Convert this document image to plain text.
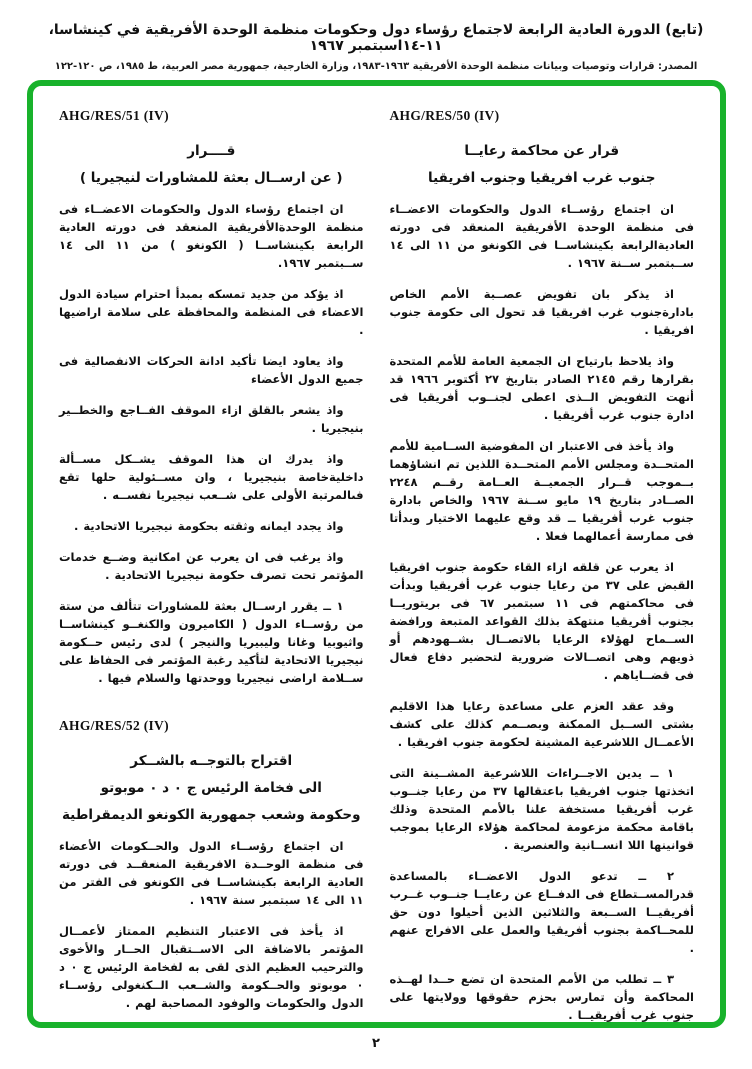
(تابع) الدورة العادية الرابعة لاجتماع رؤساء دول وحكومات منظمة الوحدة الأفريقية في كينشاسا، ١١-١٤اسبتمبر ١٩٦٧
المصدر: قرارات وتوصيات وبيانات منظمة الوحدة الأفريقية ١٩٦٣-١٩٨٣، وزارة الخارجية، جمهورية مصر العربية، ط ١٩٨٥، ص ١٢٠-١٢٢
AHG/RES/50 (IV)
قرار عن محاكمة رعايــا
جنوب غرب افريقيا وجنوب افريقيا

ان اجتماع رؤســاء الدول والحكومات الاعضــاء فى منظمة الوحدة الأفريقية المنعقد فى دورته العاديةالرابعة بكينشاســا فى الكونغو من ١١ الى ١٤ ســبتمبر ســنة ١٩٦٧ .

اذ يذكر بان تفويض عصــبة الأمم الخاص بادارةجنوب غرب افريقيا قد تحول الى حكومة جنوب افريقيا .

واذ يلاحظ بارتياح ان الجمعية العامة للأمم المتحدة بقرارها رقم ٢١٤٥ الصادر بتاريخ ٢٧ أكتوبر ١٩٦٦ قد أنهت التفويض الــذى اعطى لجنــوب أفريقيا فى ادارة جنوب غرب أفريقيا .

واذ يأخذ فى الاعتبار ان المفوضية الســامية للأمم المتحــدة ومجلس الأمم المتحــدة اللذين تم انشاؤهما بــموجب قــرار الجمعيــة العــامة رقــم ٢٢٤٨ الصــادر بتاريخ ١٩ مايو ســنة ١٩٦٧ والخاص بادارة جنوب غرب أفريقيا ــ قد وقع عليهما الاختيار وبدأتا فى ممارسة أعمالهما فعلا .

اذ يعرب عن قلقه ازاء القاء حكومة جنوب افريقيا القبض على ٣٧ من رعايا جنوب غرب أفريقيا وبدأت فى محاكمتهم فى ١١ سبتمبر ٦٧ فى بريتوريــا بجنوب أفريقيا منتهكة بذلك القواعد المتبعة ورافضة الســماح لهؤلاء الرعايا بالاتصــال بشــهودهم أو ذويهم وهى اتصــالات ضرورية لتحضير دفاع فعال فى قضــاياهم .

وقد عقد العزم على مساعدة رعايا هذا الاقليم بشتى الســبل الممكنة وبصــمم كذلك على كشف الأعمــال اللاشرعية المشينة لحكومة جنوب افريقيا .

١ ــ يدين الاجــراءات اللاشرعية المشــينة التى اتخذتها جنوب افريقيا باعتقالها ٣٧ من رعايا جنــوب غرب أفريقيا مستخفة علنا بالأمم المتحدة وذلك باقامة محكمة مزعومة لمحاكمة هؤلاء الرعايا بموجب قوانينها اللا انســانية والعنصرية .

٢ ــ تدعو الدول الاعضــاء بالمساعدة قدرالمســتطاع فى الدفــاع عن رعايــا جنــوب غــرب أفريقيــا الســبعة والثلاثين الذين أحيلوا دون حق للمحــاكمة بجنوب أفريقيا والعمل على الافراج عنهم .

٣ ــ تطلب من الأمم المتحدة ان تضع حــدا لهــذه المحاكمة وأن تمارس بحزم حقوقها وولايتها على جنوب غرب أفريقيــا .

AHG/RES/51 (IV)
قــــرار
( عن ارســال بعثة للمشاورات لنيجيريا )

ان اجتماع رؤساء الدول والحكومات الاعضــاء فى منظمة الوحدةالأفريقية المنعقد فى دورته العادية الرابعة بكينشاســا ( الكونغو ) من ١١ الى ١٤ ســبتمبر ١٩٦٧.

اذ يؤكد من جديد تمسكه بمبدأ احترام سيادة الدول الاعضاء فى المنظمة والمحافظة على سلامة اراضيها .

واذ يعاود ايضا تأكيد ادانة الحركات الانفصالية فى جميع الدول الأعضاء

واذ يشعر بالقلق ازاء الموقف الفــاجع والخطــير بنيجيريا .

واذ يدرك ان هذا الموقف يشــكل مســألة داخليةخاصة بنيجيريا ، وان مســئولية حلها تقع فىالمرتبة الأولى على شــعب نيجيريا نفســه .

واذ يجدد ايمانه وثقته بحكومة نيجيريا الاتحادية .

واذ يرغب فى ان يعرب عن امكانية وضــع خدمات المؤتمر تحت تصرف حكومة نيجيريا الاتحادية .

١ ــ يقرر ارســال بعثة للمشاورات تتألف من ستة من رؤســاء الدول ( الكاميرون والكنغــو كينشاســا واثيوبيا وغانا وليبيريا والنيجر ) لدى رئيس حــكومة نيجيريا الاتحادية لتأكيد رغبة المؤتمر فى الحفاظ على ســلامة اراضى نيجيريا ووحدتها والسلام فيها .

AHG/RES/52 (IV)
اقتراح بالتوجــه بالشــكر
الى فخامة الرئيس ج ٠ د ٠ موبوتو
وحكومة وشعب جمهورية الكونغو الديمقراطية

ان اجتماع رؤســاء الدول والحــكومات الأعضاء فى منظمة الوحــدة الافريقية المنعقــد فى دورته العادية الرابعة بكينشاســا فى الكونغو فى الفتر من ١١ الى ١٤ سبتمبر سنة ١٩٦٧ .

اذ يأخذ فى الاعتبار التنظيم الممتاز لأعمــال المؤتمر بالاضافة الى الاســتقبال الحــار والأخوى والترحيب العظيم الذى لقى به لفخامة الرئيس ج ٠ د ٠ موبوتو والحــكومة والشــعب الــكنغولى رؤســاء الدول والحكومات والوفود المصاحبة لهم .

٢
